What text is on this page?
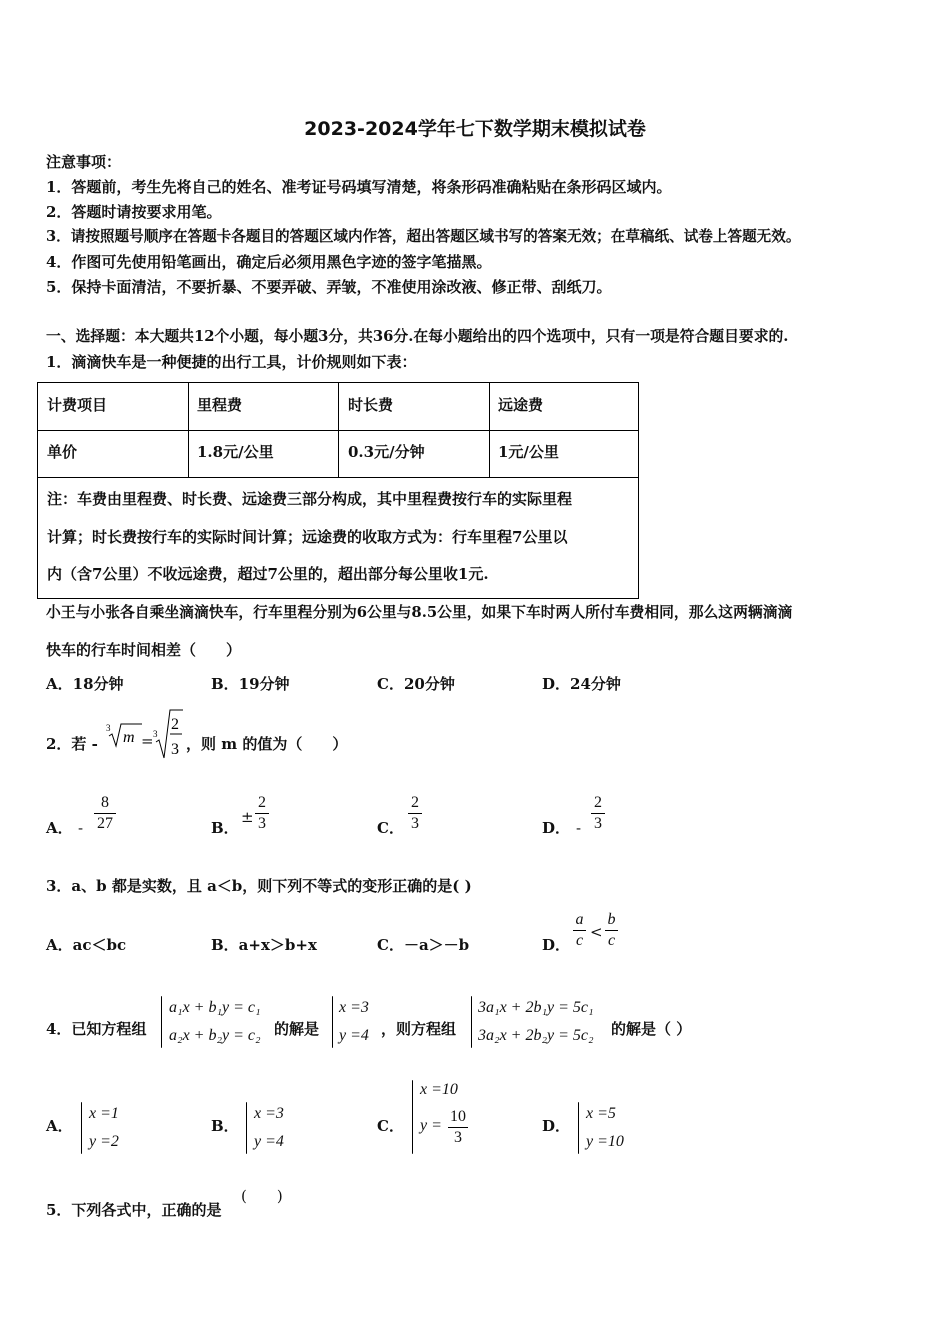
2023-2024学年七下数学期末模拟试卷
注意事项：
1．答题前，考生先将自己的姓名、准考证号码填写清楚，将条形码准确粘贴在条形码区域内。
2．答题时请按要求用笔。
3．请按照题号顺序在答题卡各题目的答题区域内作答，超出答题区域书写的答案无效；在草稿纸、试卷上答题无效。
4．作图可先使用铅笔画出，确定后必须用黑色字迹的签字笔描黑。
5．保持卡面清洁，不要折暴、不要弄破、弄皱，不准使用涂改液、修正带、刮纸刀。
一、选择题：本大题共12个小题，每小题3分，共36分.在每小题给出的四个选项中，只有一项是符合题目要求的.
1．滴滴快车是一种便捷的出行工具，计价规则如下表：
计费项目	里程费	时长费	远途费
单价	1.8元/公里	0.3元/分钟	1元/公里
注：车费由里程费、时长费、远途费三部分构成，其中里程费按行车的实际里程
计算；时长费按行车的实际时间计算；远途费的收取方式为：行车里程7公里以
内（含7公里）不收远途费，超过7公里的，超出部分每公里收1元.
小王与小张各自乘坐滴滴快车，行车里程分别为6公里与8.5公里，如果下车时两人所付车费相同，那么这两辆滴滴
快车的行车时间相差（　　）
A．18分钟	B．19分钟	C．20分钟	D．24分钟
2．若 -
3
m = 3
2
3 ，则 m 的值为（　　）
A． -
8
27	B．
±
2
3	C．
2
3	D． -
2
3
3．a、b 都是实数，且 a＜b，则下列不等式的变形正确的是( )
A．ac＜bc	B．a+x＞b+x	C．－a＞－b	D．
a
c <
b
c
4．已知方程组
a₁x + b₁y = c₁
a₂x + b₂y = c₂ 的解是
x =3
y =4 ，则方程组
3a₁x + 2b₁y = 5c₁
3a₂x + 2b₂y = 5c₂ 的解是（ ）
A．
x =1
y =2
B．
x =3
y =4
C．
x =10
y =
10
3
D．
x =5
y =10
5．下列各式中，正确的是
(　　)
